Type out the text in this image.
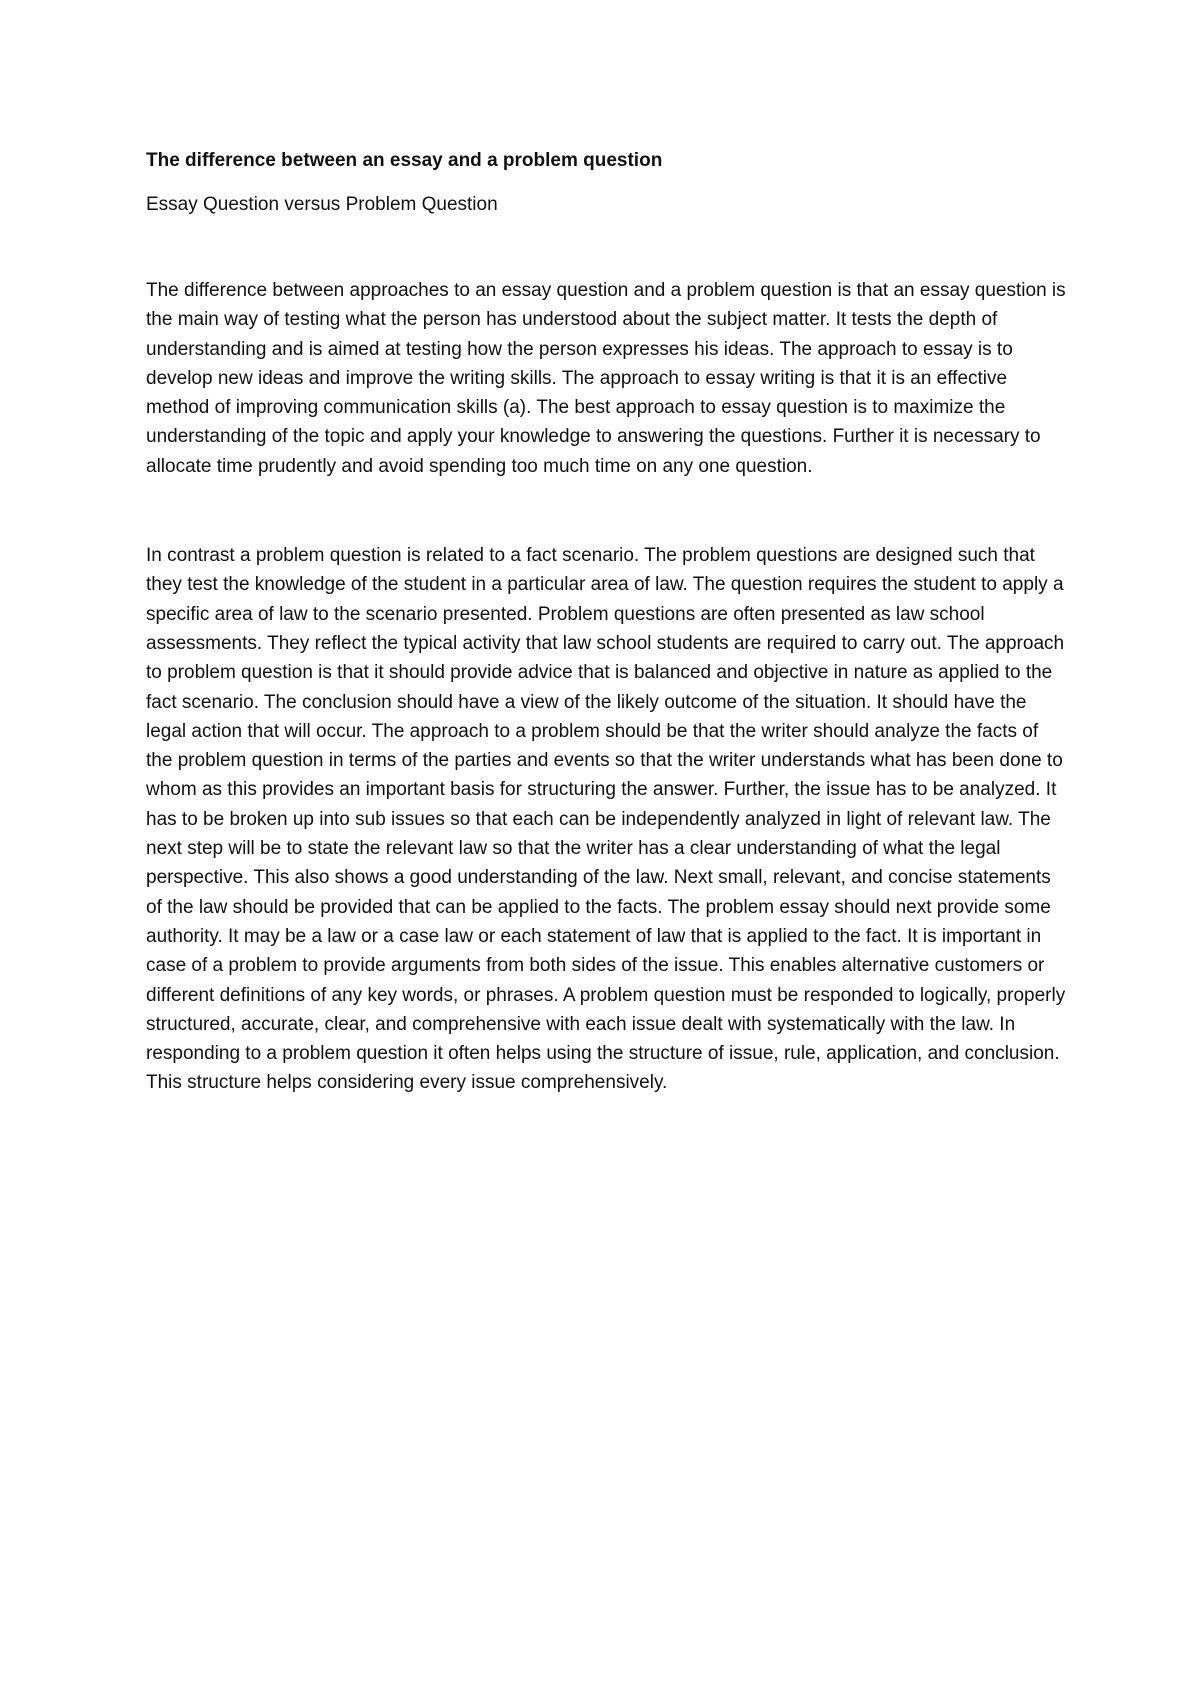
The difference between an essay and a problem question

Essay Question versus Problem Question

The difference between approaches to an essay question and a problem question is that an essay question is the main way of testing what the person has understood about the subject matter. It tests the depth of understanding and is aimed at testing how the person expresses his ideas. The approach to essay is to develop new ideas and improve the writing skills. The approach to essay writing is that it is an effective method of improving communication skills (a). The best approach to essay question is to maximize the understanding of the topic and apply your knowledge to answering the questions. Further it is necessary to allocate time prudently and avoid spending too much time on any one question.

In contrast a problem question is related to a fact scenario. The problem questions are designed such that they test the knowledge of the student in a particular area of law. The question requires the student to apply a specific area of law to the scenario presented. Problem questions are often presented as law school assessments. They reflect the typical activity that law school students are required to carry out. The approach to problem question is that it should provide advice that is balanced and objective in nature as applied to the fact scenario. The conclusion should have a view of the likely outcome of the situation. It should have the legal action that will occur. The approach to a problem should be that the writer should analyze the facts of the problem question in terms of the parties and events so that the writer understands what has been done to whom as this provides an important basis for structuring the answer. Further, the issue has to be analyzed. It has to be broken up into sub issues so that each can be independently analyzed in light of relevant law. The next step will be to state the relevant law so that the writer has a clear understanding of what the legal perspective. This also shows a good understanding of the law. Next small, relevant, and concise statements of the law should be provided that can be applied to the facts. The problem essay should next provide some authority. It may be a law or a case law or each statement of law that is applied to the fact. It is important in case of a problem to provide arguments from both sides of the issue. This enables alternative customers or different definitions of any key words, or phrases. A problem question must be responded to logically, properly structured, accurate, clear, and comprehensive with each issue dealt with systematically with the law. In responding to a problem question it often helps using the structure of issue, rule, application, and conclusion. This structure helps considering every issue comprehensively.
